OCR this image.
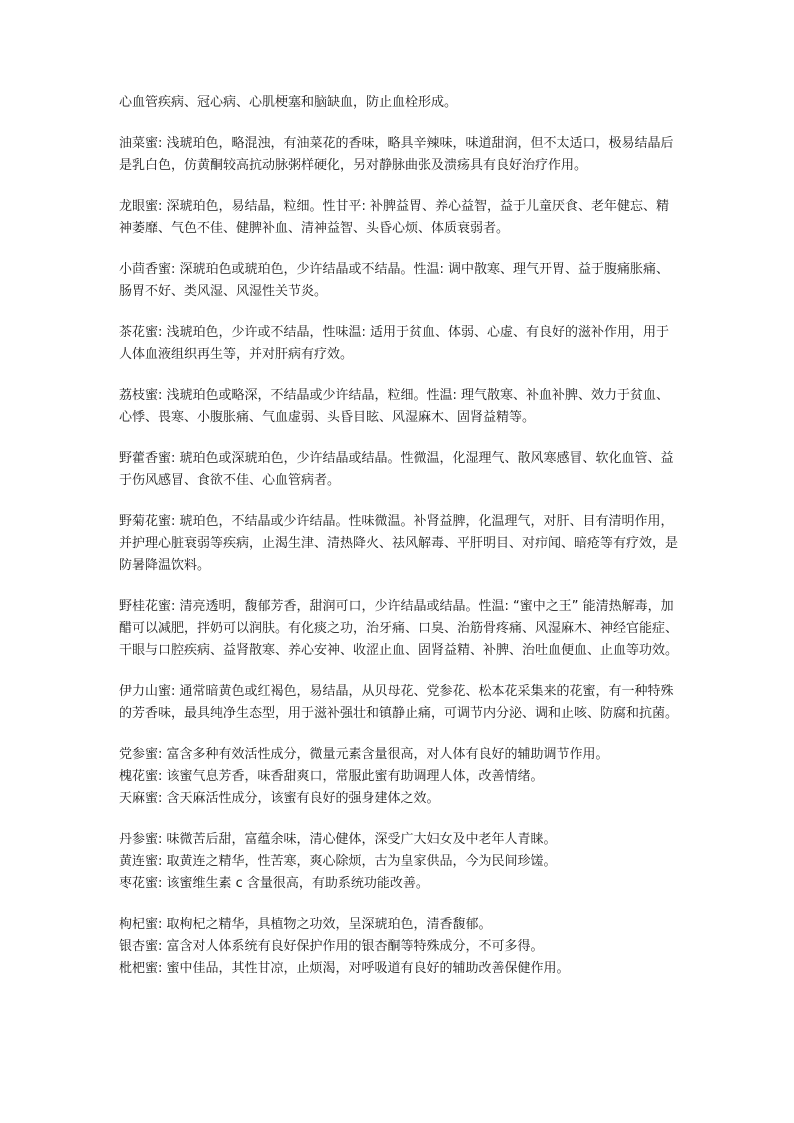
心血管疾病、冠心病、心肌梗塞和脑缺血，防止血栓形成。

油菜蜜: 浅琥珀色，略混浊，有油菜花的香味，略具辛辣味，味道甜润，但不太适口，极易结晶后是乳白色，仿黄酮较高抗动脉粥样硬化，另对静脉曲张及溃疡具有良好治疗作用。

龙眼蜜: 深琥珀色，易结晶，粒细。性甘平: 补脾益胃、养心益智，益于儿童厌食、老年健忘、精神萎靡、气色不佳、健脾补血、清神益智、头昏心烦、体质衰弱者。

小茴香蜜: 深琥珀色或琥珀色，少许结晶或不结晶。性温: 调中散寒、理气开胃、益于腹痛胀痛、肠胃不好、类风湿、风湿性关节炎。

茶花蜜: 浅琥珀色，少许或不结晶，性味温: 适用于贫血、体弱、心虚、有良好的滋补作用，用于人体血液组织再生等，并对肝病有疗效。

荔枝蜜: 浅琥珀色或略深，不结晶或少许结晶，粒细。性温: 理气散寒、补血补脾、效力于贫血、心悸、畏寒、小腹胀痛、气血虚弱、头昏目眩、风湿麻木、固肾益精等。

野藿香蜜: 琥珀色或深琥珀色，少许结晶或结晶。性微温，化湿理气、散风寒感冒、软化血管、益于伤风感冒、食欲不佳、心血管病者。

野菊花蜜: 琥珀色，不结晶或少许结晶。性味微温。补肾益脾，化温理气，对肝、目有清明作用，并护理心脏衰弱等疾病，止渴生津、清热降火、祛风解毒、平肝明目、对疖闻、暗疮等有疗效，是防暑降温饮料。

野桂花蜜: 清亮透明，馥郁芳香，甜润可口，少许结晶或结晶。性温: “蜜中之王” 能清热解毒，加醋可以减肥，拌奶可以润肤。有化痰之功，治牙痛、口臭、治筋骨疼痛、风湿麻木、神经官能症、干眼与口腔疾病、益肾散寒、养心安神、收涩止血、固肾益精、补脾、治吐血便血、止血等功效。

伊力山蜜: 通常暗黄色或红褐色，易结晶，从贝母花、党参花、松本花采集来的花蜜，有一种特殊的芳香味，最具纯净生态型，用于滋补强壮和镇静止痛，可调节内分泌、调和止咳、防腐和抗菌。

党参蜜: 富含多种有效活性成分，微量元素含量很高，对人体有良好的辅助调节作用。

槐花蜜: 该蜜气息芳香，味香甜爽口，常服此蜜有助调理人体，改善情绪。

天麻蜜: 含天麻活性成分，该蜜有良好的强身建体之效。

丹参蜜: 味微苦后甜，富蕴余味，清心健体，深受广大妇女及中老年人青睐。

黄连蜜: 取黄连之精华，性苦寒，爽心除烦，古为皇家供品，今为民间珍馐。

枣花蜜: 该蜜维生素 c 含量很高，有助系统功能改善。

枸杞蜜: 取枸杞之精华，具植物之功效，呈深琥珀色，清香馥郁。

银杏蜜: 富含对人体系统有良好保护作用的银杏酮等特殊成分，不可多得。

枇杷蜜: 蜜中佳品，其性甘凉，止烦渴，对呼吸道有良好的辅助改善保健作用。
